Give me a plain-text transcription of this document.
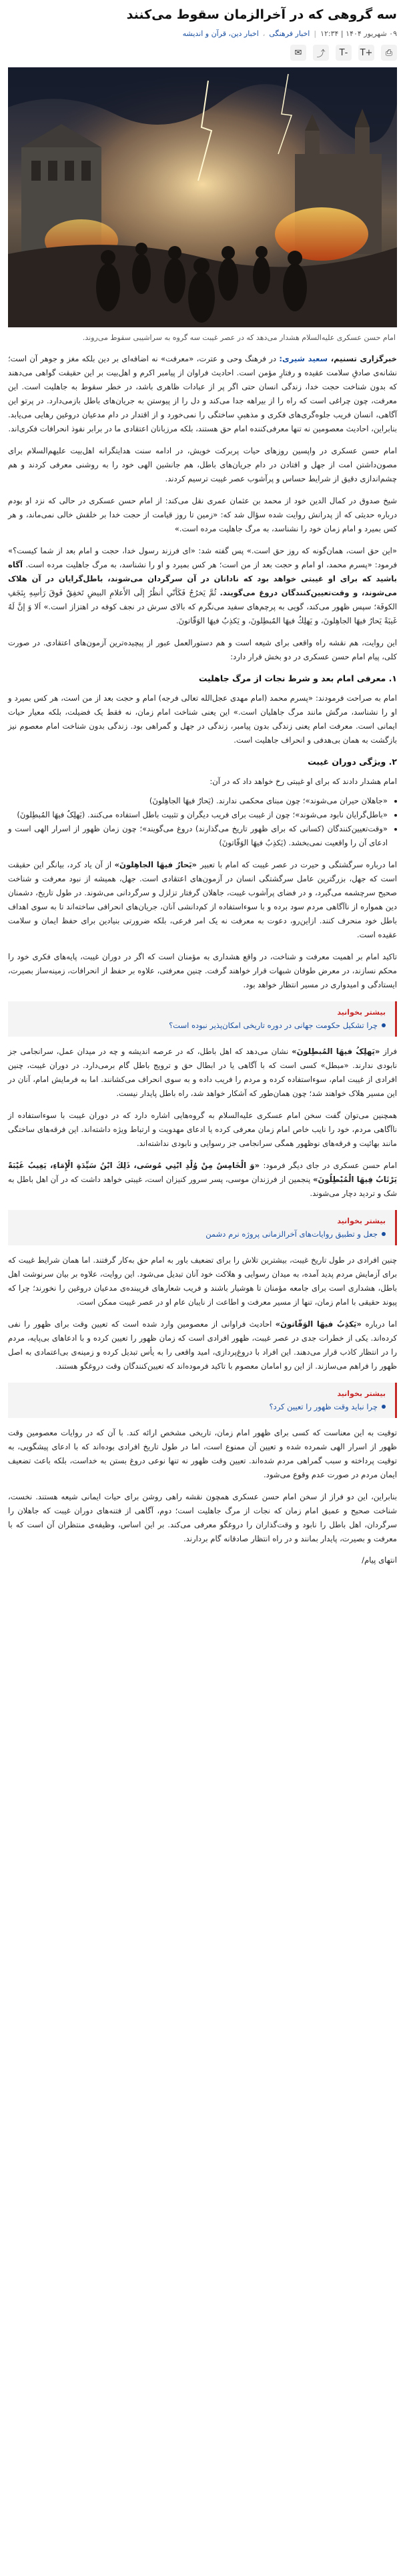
سه گروهی که در آخرالزمان سقوط می‌کنند
۰۹ شهریور ۱۴۰۴ | ۱۲:۳۴
|
اخبار فرهنگی
،
اخبار دین، قرآن و اندیشه
⎙
+T
-T
⤴
✉

امام حسن عسکری علیه‌السلام هشدار می‌دهد که در عصر غیبت سه گروه به سراشیبی سقوط می‌روند.

خبرگزاری تسنیم، سعید شیری: در فرهنگ وحی و عترت، «معرفت» نه اضافه‌ای بر دین بلکه مغز و جوهر آن است؛ نشانه‌ی صادقِ سلامت عقیده و رفتارِ مؤمن است. احادیث فراوان از پیامبر اکرم و اهل‌بیت بر این حقیقت گواهی می‌دهند که بدون شناخت حجت خدا، زندگی انسان حتی اگر پر از عبادات ظاهری باشد، در خطر سقوط به جاهلیت است. این معرفت، چون چراغی است که راه را از بیراهه جدا می‌کند و دل را از پیوستن به جریان‌های باطل بازمی‌دارد. در پرتو این آگاهی، انسان فریب جلوه‌گری‌های فکری و مذهبیِ ساختگی را نمی‌خورد و از اقتدار در دام مدعیان دروغین رهایی می‌یابد. بنابراین، احادیث معصومین نه تنها معرفی‌کننده امام حق هستند، بلکه مرزبانان اعتقادی ما در برابر نفوذ انحرافات فکری‌اند.

امام حسن عسکری در واپسین روزهای حیات پربرکت خویش، در ادامه سنت هدایتگرانه اهل‌بیت علیهم‌السلام برای مصون‌داشتن امت از جهل و افتادن در دام جریان‌های باطل، هم جانشین الهی خود را به روشنی معرفی کردند و هم چشم‌اندازی دقیق از شرایط حساس و پرآشوب عصر غیبت ترسیم کردند.

شیخ صدوق در کمال الدین خود از محمد بن عثمان عمری نقل می‌کند: از امام حسن عسکری در حالی که نزد او بودم درباره حدیثی که از پدرانش روایت شده سؤال شد که: «زمین تا روز قیامت از حجت خدا بر خلقش خالی نمی‌ماند، و هر کس بمیرد و امام زمان خود را نشناسد، به مرگ جاهلیت مرده است.»

«این حق است، همان‌گونه که روز حق است.» پس گفته شد: «ای فرزند رسول خدا، حجت و امام بعد از شما کیست؟» فرمود: «پسرم محمد، او امام و حجت بعد از من است؛ هر کس بمیرد و او را نشناسد، به مرگ جاهلیت مرده است. آگاه باشید که برای او غیبتی خواهد بود که نادانان در آن سرگردان می‌شوند، باطل‌گرایان در آن هلاک می‌شوند، و وقت‌تعیین‌کنندگان دروغ می‌گویند. ثُمَّ يَخرُجُ فَكَأنّي أنظُرُ إلَى الأَعلامِ البيضِ تَخفِقُ فَوقَ رَأسِهِ بِنَجَفِ الكوفَة؛ سپس ظهور می‌کند، گویی به پرچم‌های سفید می‌نگرم که بالای سرش در نجف کوفه در اهتزاز است.» اَلا وَ إنَّ لَهُ غَيبَةً يَحارُ فيهَا الجاهِلونَ، و يَهلِكُ فيهَا المُبطِلونَ، و يَكذِبُ فيهَا الوَقّاتونَ.

این روایت، هم نقشه راه واقعی برای شیعه است و هم دستورالعمل عبور از پیچیده‌ترین آزمون‌های اعتقادی. در صورت کلی، پیام امام حسن عسکری در دو بخش قرار دارد:

۱. معرفی امام بعد و شرط نجات از مرگ جاهلیت

امام به صراحت فرمودند: «پسرم محمد (امام مهدی عجل‌الله تعالی فرجه) امام و حجت بعد از من است، هر کس بمیرد و او را نشناسد، مرگش مانند مرگ جاهلیان است.» این یعنی شناخت امام زمان، نه فقط یک فضیلت، بلکه معیار حیات ایمانی است. معرفت امام یعنی زندگی بدون پیامبر، زندگی در جهل و گمراهی بود. زندگی بدون شناخت امام معصوم نیز بازگشت به همان بی‌هدفی و انحراف جاهلیت است.

۲. ویژگی دوران غیبت

امام هشدار دادند که برای او غیبتی رخ خواهد داد که در آن:

• «جاهلان حیران می‌شوند»؛ چون مبنای محکمی ندارند. (یَحارُ فیهَا الجاهِلونَ)
• «باطل‌گرایان نابود می‌شوند»؛ چون از غیبت برای فریب دیگران و تثبیت باطل استفاده می‌کنند. (یَهلِکُ فیهَا المُبطِلونَ)
• «وقت‌تعیین‌کنندگان (کسانی که برای ظهور تاریخ می‌گذارند) دروغ می‌گویند»؛ چون زمان ظهور از اسرار الهی است و ادعای آن را واقعیت نمی‌بخشد. (یَکذِبُ فیهَا الوَقّاتونَ)

اما درباره سرگشتگی و حیرت در عصر غیبت که امام با تعبیر «یَحارُ فیهَا الجاهِلونَ» از آن یاد کرد، بیانگر این حقیقت است که جهل، بزرگترین عامل سرگشتگی انسان در آزمون‌های اعتقادی است. جهل، همیشه از نبود معرفت و شناخت صحیح سرچشمه می‌گیرد، و در فضای پرآشوب غیبت، جاهلان گرفتار تزلزل و سرگردانی می‌شوند. در طول تاریخ، دشمنان دین همواره از ناآگاهی مردم سود برده و با سوءاستفاده از کم‌دانشی آنان، جریان‌های انحرافی ساخته‌اند تا به سوی اهداف باطل خود منحرف کنند. ازاین‌رو، دعوت به معرفت نه یک امر فرعی، بلکه ضرورتی بنیادین برای حفظ ایمان و سلامت عقیده است.

تاکید امام بر اهمیت معرفت و شناخت، در واقع هشداری به مؤمنان است که اگر در دوران غیبت، پایه‌های فکری خود را محکم نسازند، در معرض طوفان شبهات قرار خواهند گرفت. چنین معرفتی، علاوه بر حفظ از انحرافات، زمینه‌ساز بصیرت، ایستادگی و امیدواری در مسیر انتظار خواهد بود.

بیشتر بخوانید
چرا تشکیل حکومت جهانی در دوره تاریخی امکان‌پذیر نبوده است؟

فراز «یَهلِکُ فیهَا المُبطِلونَ» نشان می‌دهد که اهل باطل، که در عرصه اندیشه و چه در میدان عمل، سرانجامی جز نابودی ندارند. «مبطل» کسی است که با آگاهی یا در ابطال حق و ترویج باطل گام برمی‌دارد. در دوران غیبت، چنین افرادی از غیبت امام، سوءاستفاده کرده و مردم را فریب داده و به سوی انحراف می‌کشانند. اما به فرمایش امام، آنان در این مسیر هلاک خواهند شد؛ چون همان‌طور که آشکار خواهد شد، راه باطل پایدار نیست.

همچنین می‌توان گفت سخن امام عسکری علیه‌السلام به گروه‌هایی اشاره دارد که در دوران غیبت با سوءاستفاده از ناآگاهی مردم، خود را نایب خاص امام زمان معرفی کرده یا ادعای مهدویت و ارتباط ویژه داشته‌اند. این فرقه‌های ساختگی مانند بهائیت و فرقه‌های نوظهور همگی سرانجامی جز رسوایی و نابودی نداشته‌اند.

امام حسن عسکری در جای دیگر فرمود: «وَ الْخَامِسُ مِنْ وُلْدِ ابْنِي مُوسَى، ذَلِكَ ابْنُ سَيِّدَةِ الْإِمَاءِ، يَغِيبُ غَيْبَةً يَرْتَابُ فِيهَا الْمُبْطِلُونَ» پنجمین از فرزندان موسی، پسر سرور کنیزان است، غیبتی خواهد داشت که در آن اهل باطل به شک و تردید دچار می‌شوند.

بیشتر بخوانید
جعل و تطبیق روایات‌های آخرالزمانی پروژه نرم دشمن

چنین افرادی در طول تاریخ غیبت، بیشترین تلاش را برای تضعیف باور به امام حق به‌کار گرفتند. اما همان شرایط غیبت که برای آزمایش مردم پدید آمده، به میدان رسوایی و هلاکت خود آنان تبدیل می‌شود. این روایت، علاوه بر بیان سرنوشت اهل باطل، هشداری است برای جامعه مؤمنان تا هوشیار باشند و فریب شعارهای فریبنده‌ی مدعیان دروغین را نخورند؛ چرا که پیوند حقیقی با امام زمان، تنها از مسیر معرفت و اطاعت از نایبان عام او در عصر غیبت ممکن است.

اما درباره «یَکذِبُ فیهَا الوَقّاتونَ» احادیث فراوانی از معصومین وارد شده است که تعیین وقت برای ظهور را نفی کرده‌اند. یکی از خطرات جدی در عصر غیبت، ظهور افرادی است که زمان ظهور را تعیین کرده و با ادعاهای بی‌پایه، مردم را در انتظار کاذب قرار می‌دهند. این افراد با دروغ‌پردازی، امید واقعی را به یأس تبدیل کرده و زمینه‌ی بی‌اعتمادی به اصل ظهور را فراهم می‌سازند. از این رو امامان معصوم با تاکید فرموده‌اند که تعیین‌کنندگان وقت دروغگو هستند.

بیشتر بخوانید
چرا نباید وقت ظهور را تعیین کرد؟

توقیت به این معناست که کسی برای ظهور امام زمان، تاریخی مشخص ارائه کند. با آن که در روایات معصومین وقت ظهور از اسرار الهی شمرده شده و تعیین آن ممنوع است، اما در طول تاریخ افرادی بوده‌اند که با ادعای پیشگویی، به توقیت پرداخته و سبب گمراهی مردم شده‌اند. تعیین وقت ظهور نه تنها نوعی دروغ بستن به خداست، بلکه باعث تضعیف ایمان مردم در صورت عدم وقوع می‌شود.

بنابراین، این دو فراز از سخن امام حسن عسکری همچون نقشه راهی روشن برای حیات ایمانی شیعه هستند. نخست، شناخت صحیح و عمیق امام زمان که نجات از مرگ جاهلیت است؛ دوم، آگاهی از فتنه‌های دوران غیبت که جاهلان را سرگردان، اهل باطل را نابود و وقت‌گذاران را دروغگو معرفی می‌کند. بر این اساس، وظیفه‌ی منتظران آن است که با معرفت و بصیرت، پایدار بمانند و در راه انتظار صادقانه گام بردارند.

انتهای پیام/
